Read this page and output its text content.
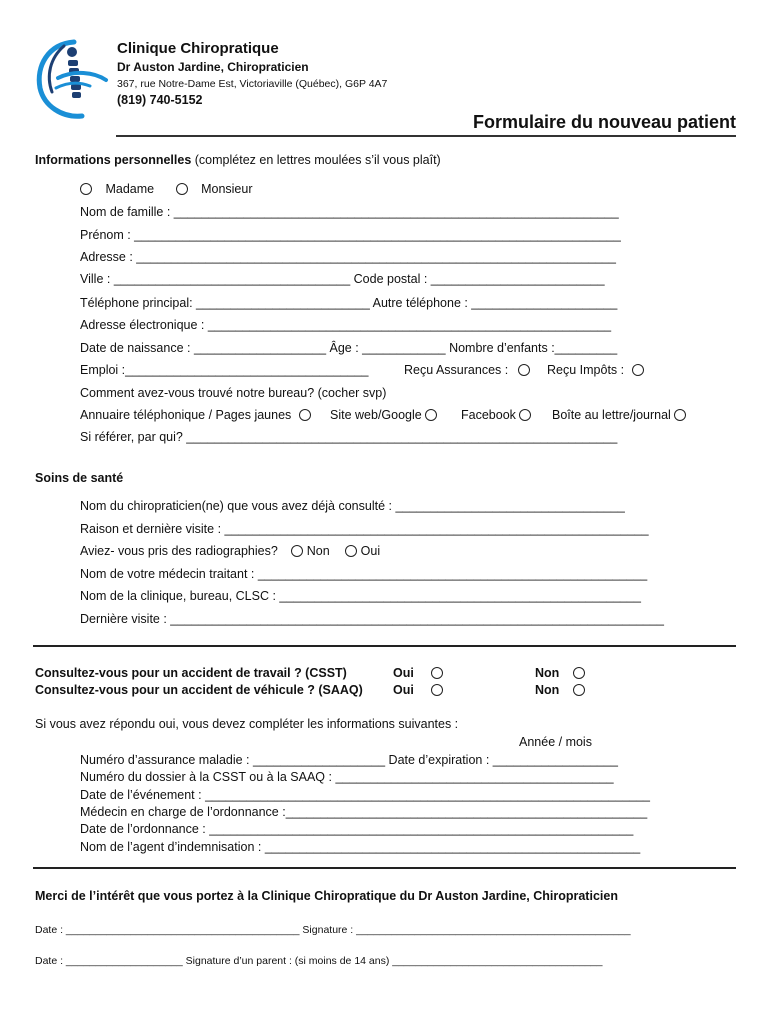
Clinique Chiropratique
Dr Auston Jardine, Chiropraticien
367, rue Notre-Dame Est, Victoriaville (Québec), G6P 4A7
(819) 740-5152
Formulaire du nouveau patient
Informations personnelles (complétez en lettres moulées s’il vous plaît)
Madame	Monsieur
Nom de famille : ________________________________________________________________
Prénom : ______________________________________________________________________
Adresse : _____________________________________________________________________
Ville : __________________________________ Code postal : _________________________
Téléphone principal: _________________________ Autre téléphone : _____________________
Adresse électronique : __________________________________________________________
Date de naissance : ___________________ Âge : ____________ Nombre d’enfants :_________
Emploi :___________________________________	Reçu Assurances :	Reçu Impôts :
Comment avez-vous trouvé notre bureau? (cocher svp)
Annuaire téléphonique / Pages jaunes	Site web/Google	Facebook	Boîte au lettre/journal
Si référer, par qui? ______________________________________________________________
Soins de santé
Nom du chiropraticien(ne) que vous avez déjà consulté : _________________________________
Raison et dernière visite : _____________________________________________________________
Aviez- vous pris des radiographies? Non Oui
Nom de votre médecin traitant : ________________________________________________________
Nom de la clinique, bureau, CLSC : ____________________________________________________
Dernière visite : _______________________________________________________________________
Consultez-vous pour un accident de travail ? (CSST)	Oui	Non
Consultez-vous pour un accident de véhicule ? (SAAQ) Oui	Non
Si vous avez répondu oui, vous devez compléter les informations suivantes :
Année / mois
Numéro d’assurance maladie : ___________________ Date d’expiration : __________________
Numéro du dossier à la CSST ou à la SAAQ : ________________________________________
Date de l’événement : ________________________________________________________________
Médecin en charge de l’ordonnance :____________________________________________________
Date de l’ordonnance : _____________________________________________________________
Nom de l’agent d’indemnisation : ______________________________________________________
Merci de l’intérêt que vous portez à la Clinique Chiropratique du Dr Auston Jardine, Chiropraticien
Date : ________________________________________ Signature : _______________________________________________
Date : ____________________ Signature d’un parent : (si moins de 14 ans) ____________________________________
